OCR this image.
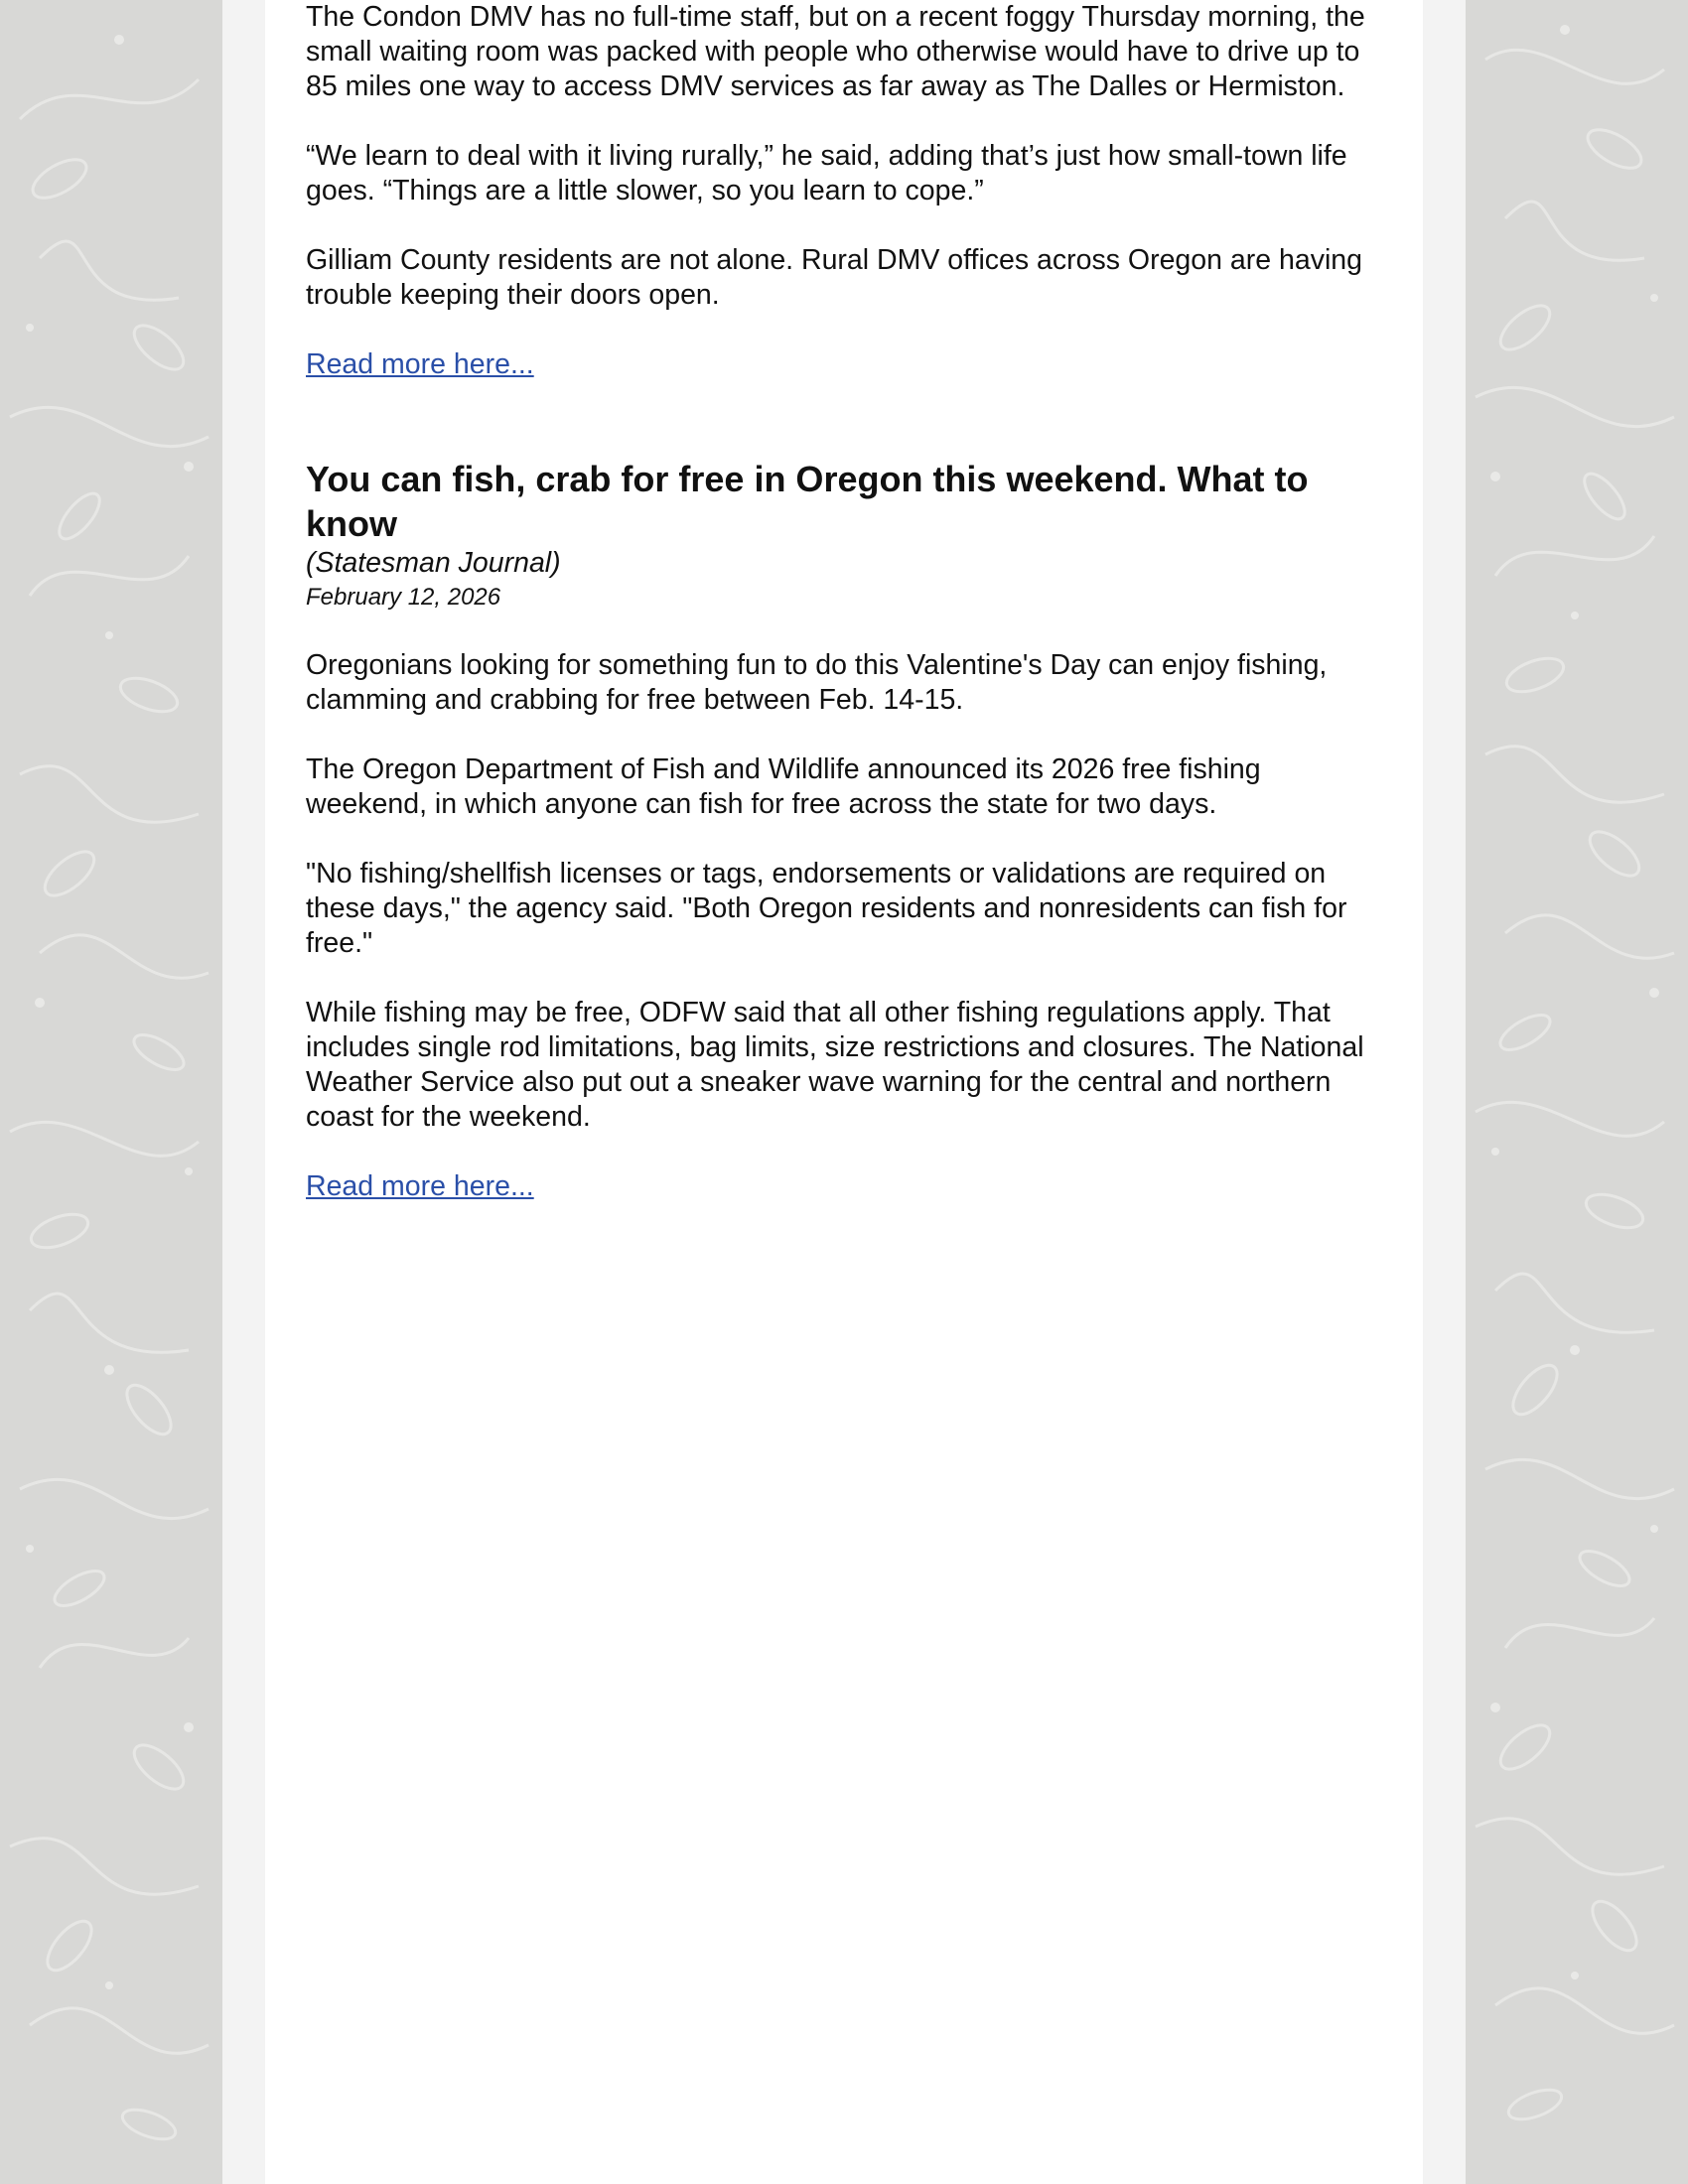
The Condon DMV has no full-time staff, but on a recent foggy Thursday morning, the small waiting room was packed with people who otherwise would have to drive up to 85 miles one way to access DMV services as far away as The Dalles or Hermiston.

“We learn to deal with it living rurally,” he said, adding that’s just how small-town life goes. “Things are a little slower, so you learn to cope.”

Gilliam County residents are not alone. Rural DMV offices across Oregon are having trouble keeping their doors open.

Read more here...
You can fish, crab for free in Oregon this weekend. What to know
(Statesman Journal)
February 12, 2026

Oregonians looking for something fun to do this Valentine's Day can enjoy fishing, clamming and crabbing for free between Feb. 14-15.

The Oregon Department of Fish and Wildlife announced its 2026 free fishing weekend, in which anyone can fish for free across the state for two days.

"No fishing/shellfish licenses or tags, endorsements or validations are required on these days," the agency said. "Both Oregon residents and nonresidents can fish for free."

While fishing may be free, ODFW said that all other fishing regulations apply. That includes single rod limitations, bag limits, size restrictions and closures. The National Weather Service also put out a sneaker wave warning for the central and northern coast for the weekend.

Read more here...
